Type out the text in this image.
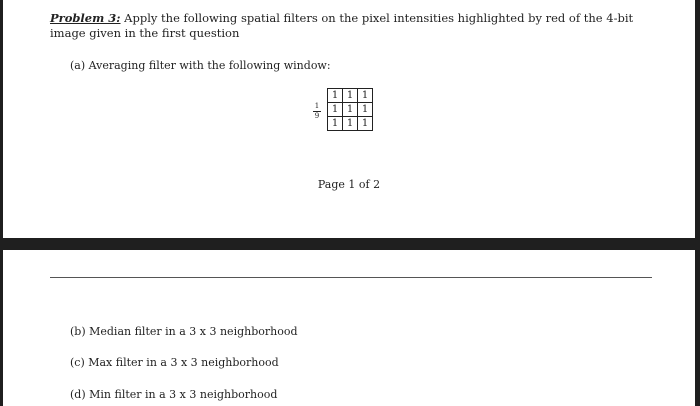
Problem 3: Apply the following spatial filters on the pixel intensities highlighted by red of the 4-bit image given in the first question
(a) Averaging filter with the following window:
1
9
1	1	1
1	1	1
1	1	1
Page 1 of 2
(b) Median filter in a 3 x 3 neighborhood
(c) Max filter in a 3 x 3 neighborhood
(d) Min filter in a 3 x 3 neighborhood
